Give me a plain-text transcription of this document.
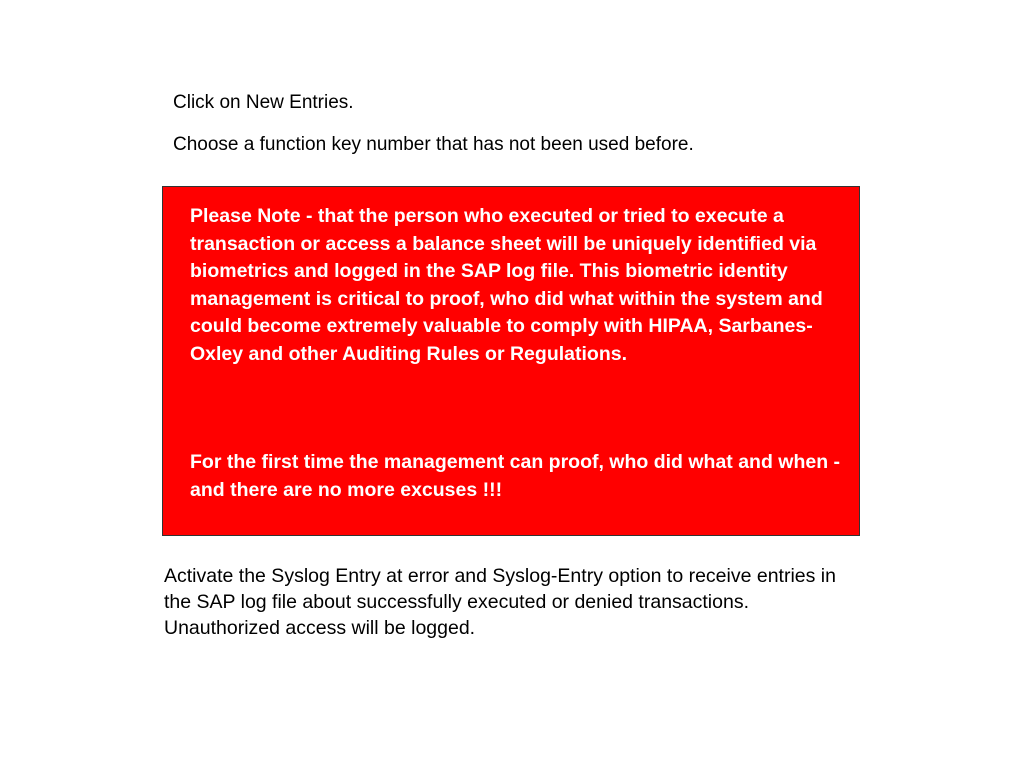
Click on New Entries.

Choose a function key number that has not been used before.

Please Note - that the person who executed or tried to execute a transaction or access a balance sheet will be uniquely identified via biometrics and logged in the SAP log file. This biometric identity management is critical to proof, who did what within the system and could become extremely valuable to comply with HIPAA, Sarbanes-Oxley and other Auditing Rules or Regulations.

For the first time the management can proof, who did what and when - and there are no more excuses !!!

Activate the Syslog Entry at error and Syslog-Entry option to receive entries in the SAP log file about successfully executed or denied transactions. Unauthorized access will be logged.
